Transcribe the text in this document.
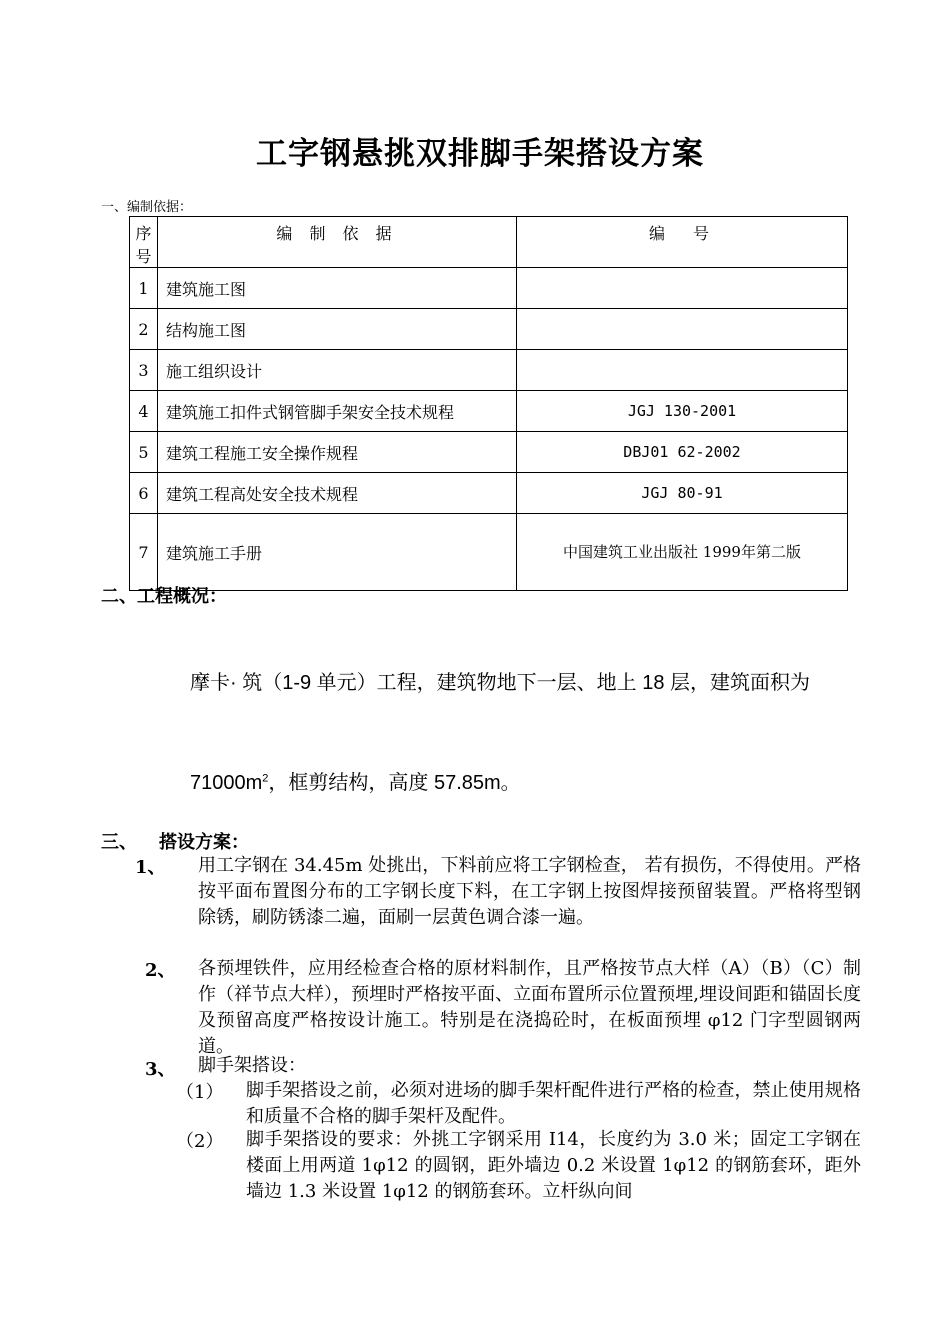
工字钢悬挑双排脚手架搭设方案
一、编制依据：
序号	编 制 依 据	编　号
1	建筑施工图	
2	结构施工图	
3	施工组织设计	
4	建筑施工扣件式钢管脚手架安全技术规程	JGJ 130-2001
5	建筑工程施工安全操作规程	DBJ01 62-2002
6	建筑工程高处安全技术规程	JGJ 80-91
7	建筑施工手册	中国建筑工业出版社 1999年第二版
二、工程概况：
摩卡· 筑（1-9 单元）工程，建筑物地下一层、地上 18 层，建筑面积为
$71000m^2$，框剪结构，高度 57.85m。
三、 搭设方案：
1、 用工字钢在 34.45m 处挑出，下料前应将工字钢检查， 若有损伤，不得使用。严格按平面布置图分布的工字钢长度下料，在工字钢上按图焊接预留装置。严格将型钢除锈，刷防锈漆二遍，面刷一层黄色调合漆一遍。
2、 各预埋铁件，应用经检查合格的原材料制作，且严格按节点大样（A）（B）（C）制作（祥节点大样），预埋时严格按平面、立面布置所示位置预埋,埋设间距和锚固长度及预留高度严格按设计施工。特别是在浇捣砼时，在板面预埋 φ12 门字型圆钢两道。
3、 脚手架搭设：
（1） 脚手架搭设之前，必须对进场的脚手架杆配件进行严格的检查，禁止使用规格和质量不合格的脚手架杆及配件。
（2） 脚手架搭设的要求：外挑工字钢采用 I14，长度约为 3.0 米；固定工字钢在楼面上用两道 1φ12 的圆钢，距外墙边 0.2 米设置 1φ12 的钢筋套环，距外墙边 1.3 米设置 1φ12 的钢筋套环。立杆纵向间
